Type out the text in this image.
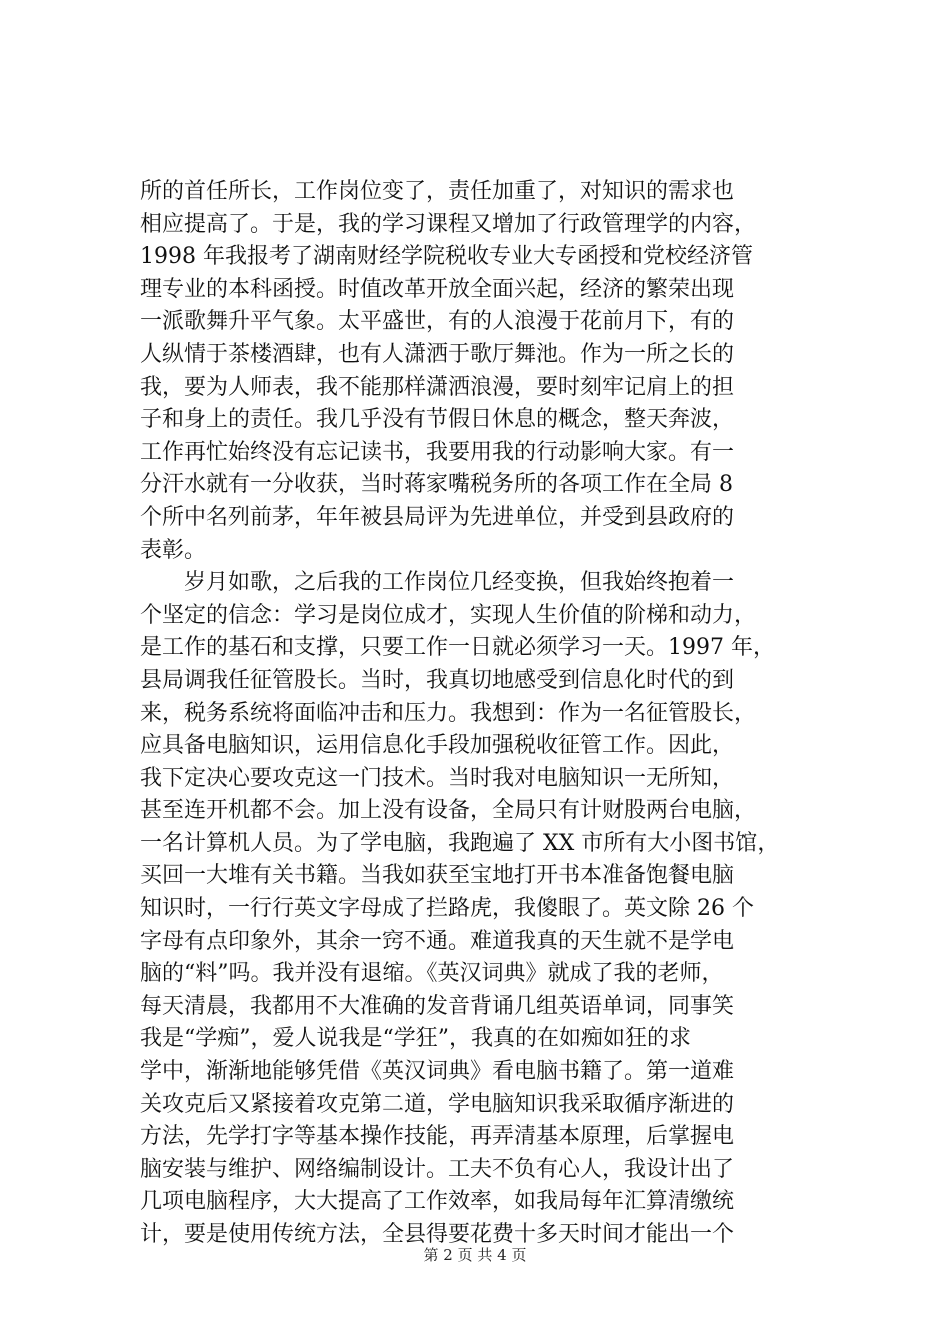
所的首任所长，工作岗位变了，责任加重了，对知识的需求也
相应提高了。于是，我的学习课程又增加了行政管理学的内容，
1998 年我报考了湖南财经学院税收专业大专函授和党校经济管
理专业的本科函授。时值改革开放全面兴起，经济的繁荣出现
一派歌舞升平气象。太平盛世，有的人浪漫于花前月下，有的
人纵情于茶楼酒肆，也有人潇洒于歌厅舞池。作为一所之长的
我，要为人师表，我不能那样潇洒浪漫，要时刻牢记肩上的担
子和身上的责任。我几乎没有节假日休息的概念，整天奔波，
工作再忙始终没有忘记读书，我要用我的行动影响大家。有一
分汗水就有一分收获，当时蒋家嘴税务所的各项工作在全局 8
个所中名列前茅，年年被县局评为先进单位，并受到县政府的
表彰。
　　岁月如歌，之后我的工作岗位几经变换，但我始终抱着一
个坚定的信念：学习是岗位成才，实现人生价值的阶梯和动力，
是工作的基石和支撑，只要工作一日就必须学习一天。1997 年，
县局调我任征管股长。当时，我真切地感受到信息化时代的到
来，税务系统将面临冲击和压力。我想到：作为一名征管股长，
应具备电脑知识，运用信息化手段加强税收征管工作。因此，
我下定决心要攻克这一门技术。当时我对电脑知识一无所知，
甚至连开机都不会。加上没有设备，全局只有计财股两台电脑，
一名计算机人员。为了学电脑，我跑遍了 XX 市所有大小图书馆，
买回一大堆有关书籍。当我如获至宝地打开书本准备饱餐电脑
知识时，一行行英文字母成了拦路虎，我傻眼了。英文除 26 个
字母有点印象外，其余一窍不通。难道我真的天生就不是学电
脑的“料”吗。我并没有退缩。《英汉词典》就成了我的老师，
每天清晨，我都用不大准确的发音背诵几组英语单词，同事笑
我是“学痴”，爱人说我是“学狂”，我真的在如痴如狂的求
学中，渐渐地能够凭借《英汉词典》看电脑书籍了。第一道难
关攻克后又紧接着攻克第二道，学电脑知识我采取循序渐进的
方法，先学打字等基本操作技能，再弄清基本原理，后掌握电
脑安装与维护、网络编制设计。工夫不负有心人，我设计出了
几项电脑程序，大大提高了工作效率，如我局每年汇算清缴统
计，要是使用传统方法，全县得要花费十多天时间才能出一个
第 2 页 共 4 页
